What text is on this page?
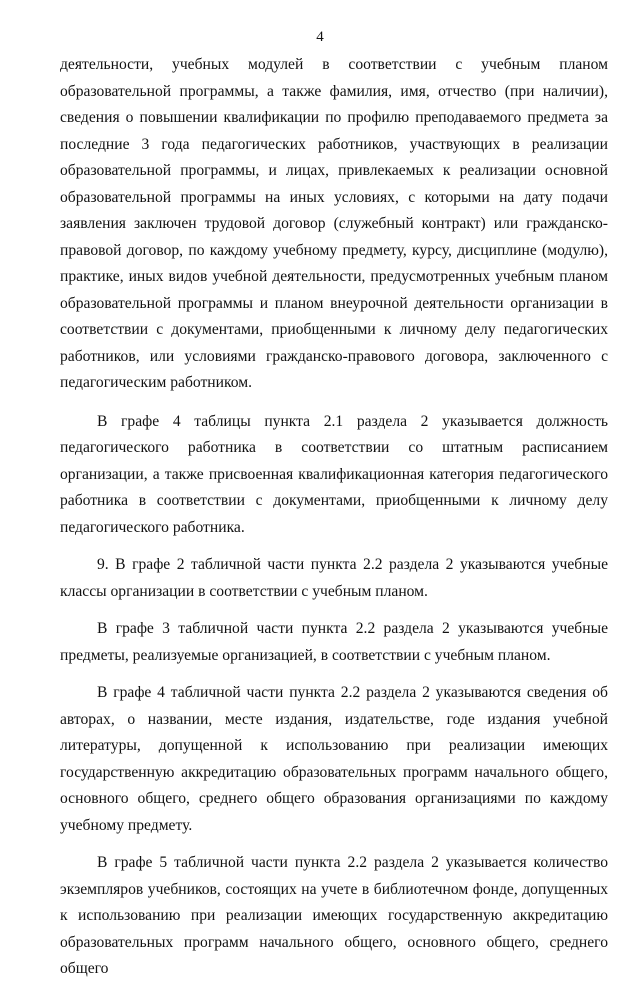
4

деятельности, учебных модулей в соответствии с учебным планом образовательной программы, а также фамилия, имя, отчество (при наличии), сведения о повышении квалификации по профилю преподаваемого предмета за последние 3 года педагогических работников, участвующих в реализации образовательной программы, и лицах, привлекаемых к реализации основной образовательной программы на иных условиях, с которыми на дату подачи заявления заключен трудовой договор (служебный контракт) или гражданско-правовой договор, по каждому учебному предмету, курсу, дисциплине (модулю), практике, иных видов учебной деятельности, предусмотренных учебным планом образовательной программы и планом внеурочной деятельности организации в соответствии с документами, приобщенными к личному делу педагогических работников, или условиями гражданско-правового договора, заключенного с педагогическим работником.

В графе 4 таблицы пункта 2.1 раздела 2 указывается должность педагогического работника в соответствии со штатным расписанием организации, а также присвоенная квалификационная категория педагогического работника в соответствии с документами, приобщенными к личному делу педагогического работника.

9. В графе 2 табличной части пункта 2.2 раздела 2 указываются учебные классы организации в соответствии с учебным планом.

В графе 3 табличной части пункта 2.2 раздела 2 указываются учебные предметы, реализуемые организацией, в соответствии с учебным планом.

В графе 4 табличной части пункта 2.2 раздела 2 указываются сведения об авторах, о названии, месте издания, издательстве, годе издания учебной литературы, допущенной к использованию при реализации имеющих государственную аккредитацию образовательных программ начального общего, основного общего, среднего общего образования организациями по каждому учебному предмету.

В графе 5 табличной части пункта 2.2 раздела 2 указывается количество экземпляров учебников, состоящих на учете в библиотечном фонде, допущенных к использованию при реализации имеющих государственную аккредитацию образовательных программ начального общего, основного общего, среднего общего
